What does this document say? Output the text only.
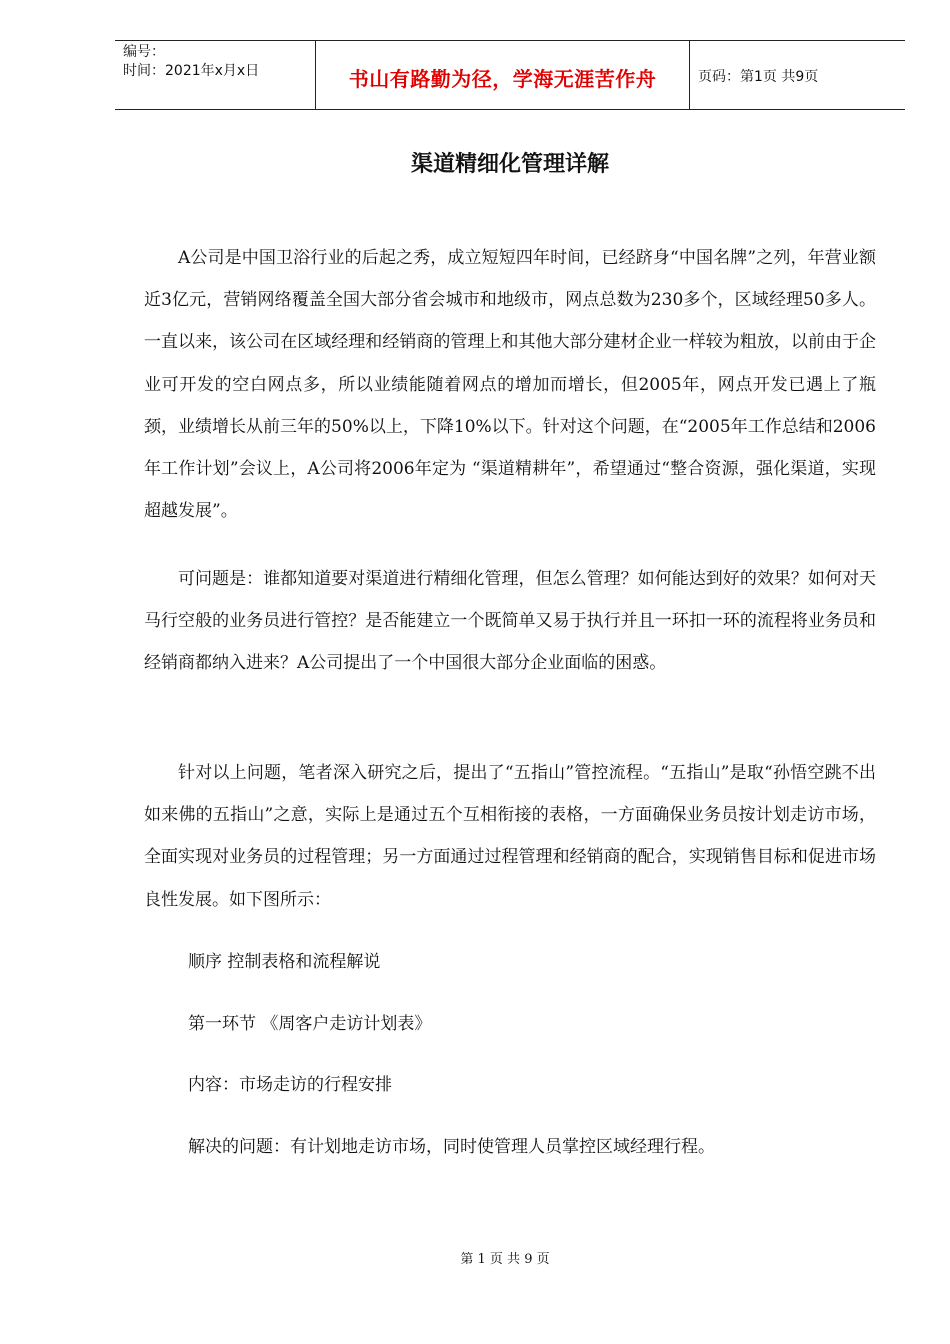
编号：
时间：2021年x月x日	书山有路勤为径，学海无涯苦作舟	页码：第1页 共9页
渠道精细化管理详解

A公司是中国卫浴行业的后起之秀，成立短短四年时间，已经跻身“中国名牌”之列，年营业额近3亿元，营销网络覆盖全国大部分省会城市和地级市，网点总数为230多个，区域经理50多人。一直以来，该公司在区域经理和经销商的管理上和其他大部分建材企业一样较为粗放，以前由于企业可开发的空白网点多，所以业绩能随着网点的增加而增长，但2005年，网点开发已遇上了瓶颈，业绩增长从前三年的50%以上，下降10%以下。针对这个问题，在“2005年工作总结和2006年工作计划”会议上，A公司将2006年定为 “渠道精耕年”，希望通过“整合资源，强化渠道，实现超越发展”。

可问题是：谁都知道要对渠道进行精细化管理，但怎么管理？如何能达到好的效果？如何对天马行空般的业务员进行管控？是否能建立一个既简单又易于执行并且一环扣一环的流程将业务员和经销商都纳入进来？A公司提出了一个中国很大部分企业面临的困惑。

针对以上问题，笔者深入研究之后，提出了“五指山”管控流程。“五指山”是取“孙悟空跳不出如来佛的五指山”之意，实际上是通过五个互相衔接的表格，一方面确保业务员按计划走访市场，全面实现对业务员的过程管理；另一方面通过过程管理和经销商的配合，实现销售目标和促进市场良性发展。如下图所示：

顺序 控制表格和流程解说
第一环节 《周客户走访计划表》
内容：市场走访的行程安排
解决的问题：有计划地走访市场，同时使管理人员掌控区域经理行程。
第 1 页 共 9 页
